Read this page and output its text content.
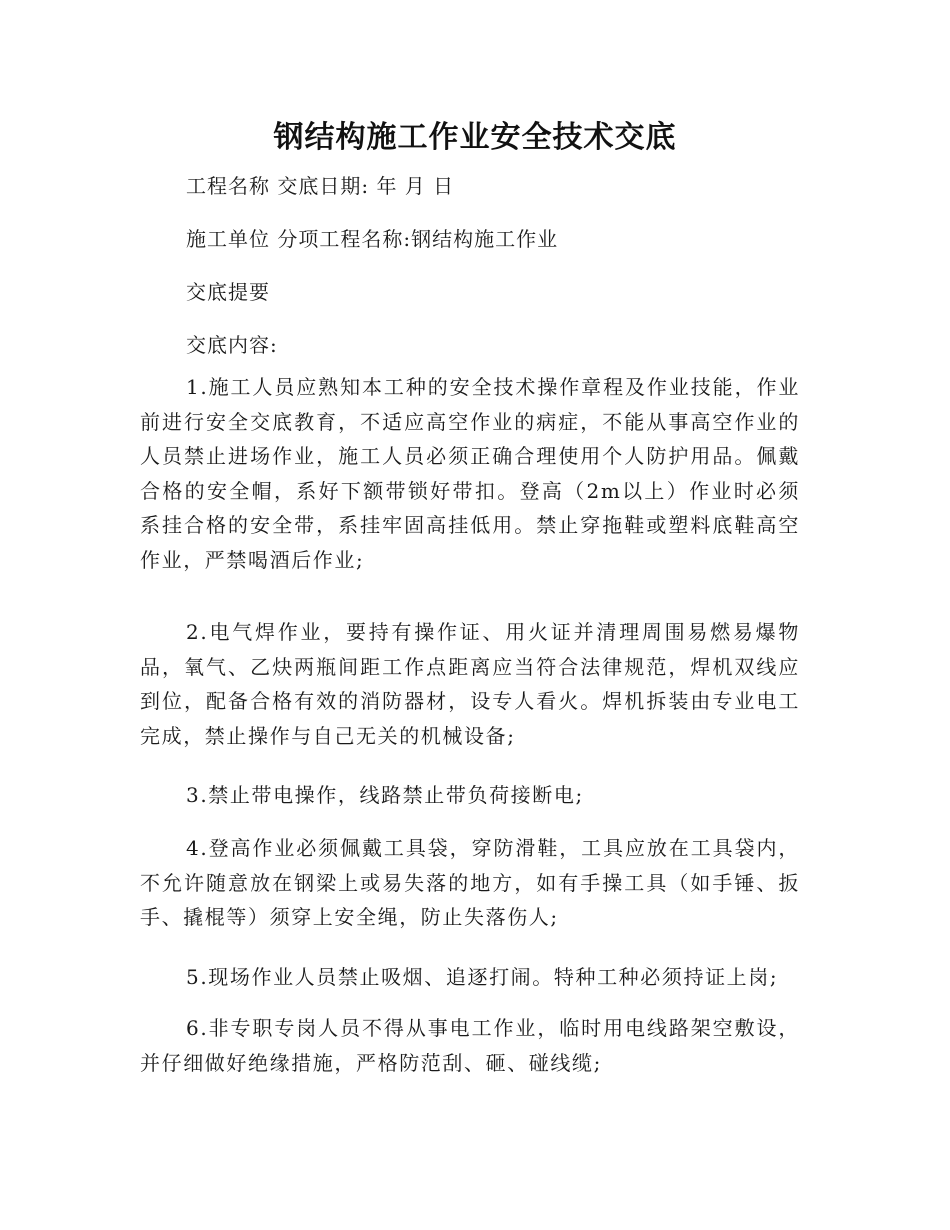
钢结构施工作业安全技术交底
工程名称 交底日期: 年 月 日
施工单位 分项工程名称:钢结构施工作业
交底提要
交底内容:
1.施工人员应熟知本工种的安全技术操作章程及作业技能，作业前进行安全交底教育，不适应高空作业的病症，不能从事高空作业的人员禁止进场作业，施工人员必须正确合理使用个人防护用品。佩戴合格的安全帽，系好下额带锁好带扣。登高（2m以上）作业时必须系挂合格的安全带，系挂牢固高挂低用。禁止穿拖鞋或塑料底鞋高空作业，严禁喝酒后作业;
2.电气焊作业，要持有操作证、用火证并清理周围易燃易爆物品，氧气、乙炔两瓶间距工作点距离应当符合法律规范，焊机双线应到位，配备合格有效的消防器材，设专人看火。焊机拆装由专业电工完成，禁止操作与自己无关的机械设备;
3.禁止带电操作，线路禁止带负荷接断电;
4.登高作业必须佩戴工具袋，穿防滑鞋，工具应放在工具袋内，不允许随意放在钢梁上或易失落的地方，如有手操工具（如手锤、扳手、撬棍等）须穿上安全绳，防止失落伤人;
5.现场作业人员禁止吸烟、追逐打闹。特种工种必须持证上岗;
6.非专职专岗人员不得从事电工作业，临时用电线路架空敷设，并仔细做好绝缘措施，严格防范刮、砸、碰线缆;
